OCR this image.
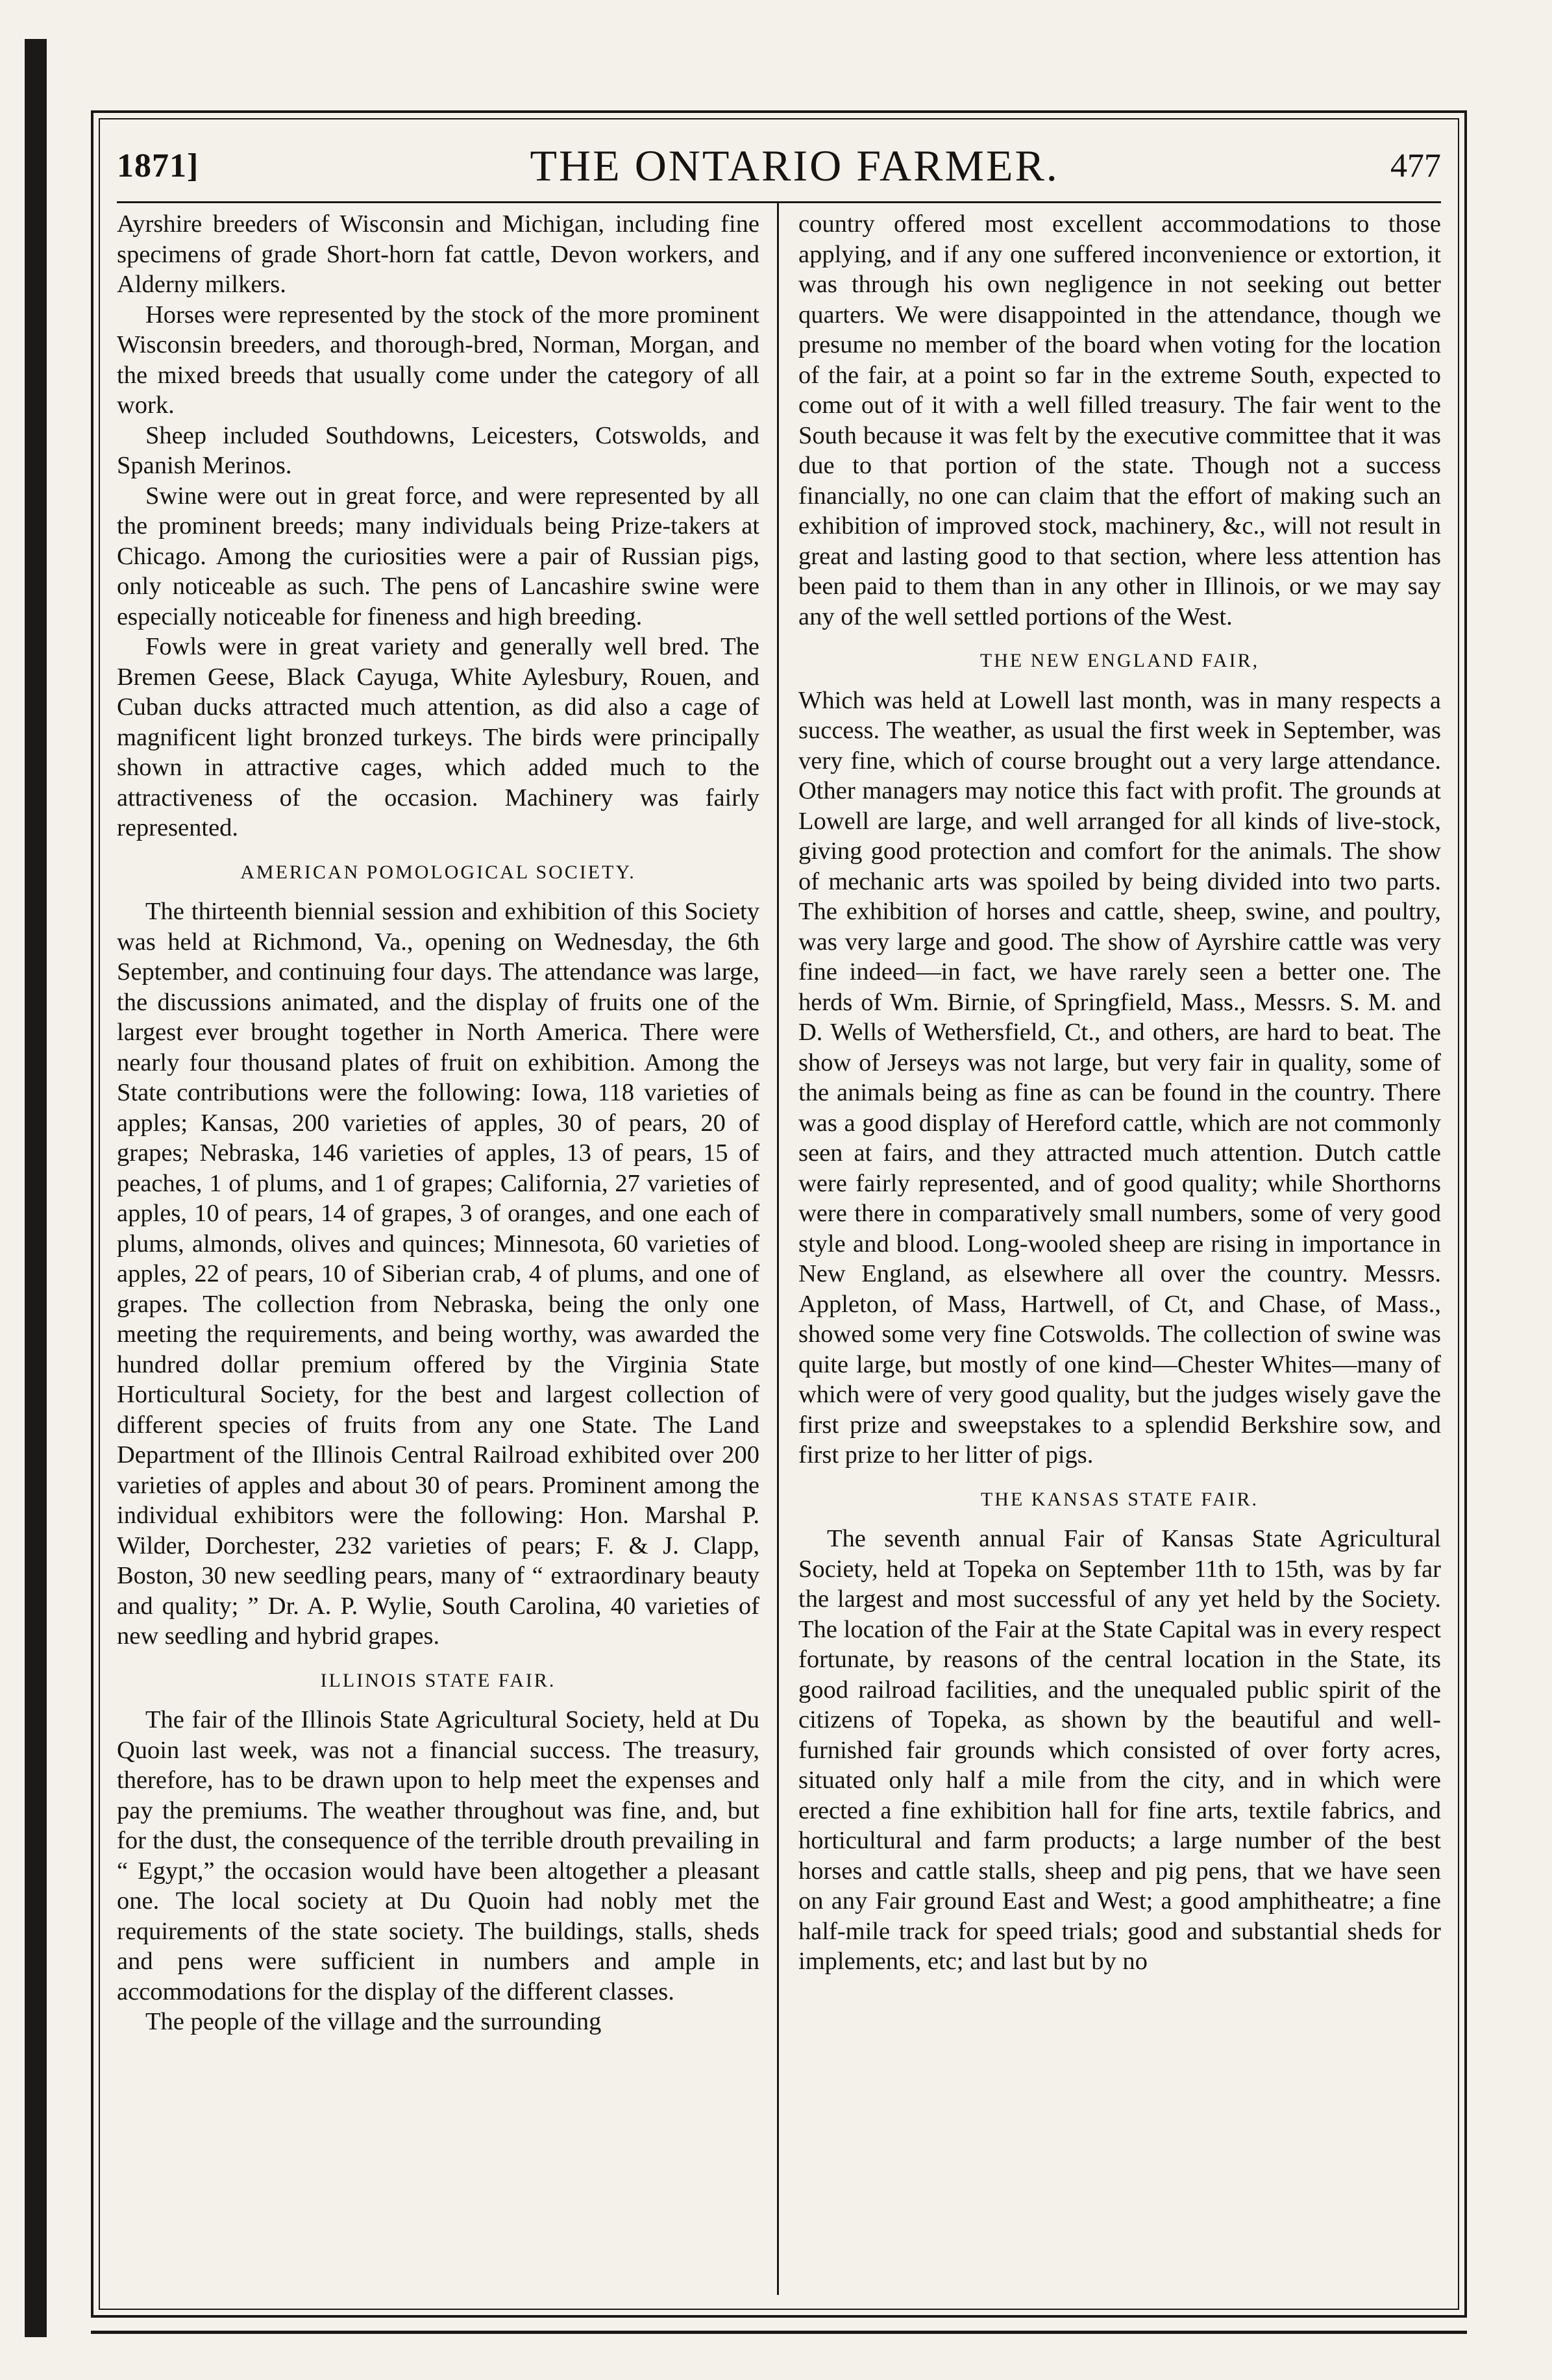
1871]	THE ONTARIO FARMER.	477

Ayrshire breeders of Wisconsin and Michigan, including fine specimens of grade Short-horn fat cattle, Devon workers, and Alderny milkers.

Horses were represented by the stock of the more prominent Wisconsin breeders, and thorough-bred, Norman, Morgan, and the mixed breeds that usually come under the category of all work.

Sheep included Southdowns, Leicesters, Cotswolds, and Spanish Merinos.

Swine were out in great force, and were represented by all the prominent breeds; many individuals being Prize-takers at Chicago. Among the curiosities were a pair of Russian pigs, only noticeable as such. The pens of Lancashire swine were especially noticeable for fineness and high breeding.

Fowls were in great variety and generally well bred. The Bremen Geese, Black Cayuga, White Aylesbury, Rouen, and Cuban ducks attracted much attention, as did also a cage of magnificent light bronzed turkeys. The birds were principally shown in attractive cages, which added much to the attractiveness of the occasion. Machinery was fairly represented.

AMERICAN POMOLOGICAL SOCIETY.

The thirteenth biennial session and exhibition of this Society was held at Richmond, Va., opening on Wednesday, the 6th September, and continuing four days. The attendance was large, the discussions animated, and the display of fruits one of the largest ever brought together in North America. There were nearly four thousand plates of fruit on exhibition. Among the State contributions were the following: Iowa, 118 varieties of apples; Kansas, 200 varieties of apples, 30 of pears, 20 of grapes; Nebraska, 146 varieties of apples, 13 of pears, 15 of peaches, 1 of plums, and 1 of grapes; California, 27 varieties of apples, 10 of pears, 14 of grapes, 3 of oranges, and one each of plums, almonds, olives and quinces; Minnesota, 60 varieties of apples, 22 of pears, 10 of Siberian crab, 4 of plums, and one of grapes. The collection from Nebraska, being the only one meeting the requirements, and being worthy, was awarded the hundred dollar premium offered by the Virginia State Horticultural Society, for the best and largest collection of different species of fruits from any one State. The Land Department of the Illinois Central Railroad exhibited over 200 varieties of apples and about 30 of pears. Prominent among the individual exhibitors were the following: Hon. Marshal P. Wilder, Dorchester, 232 varieties of pears; F. & J. Clapp, Boston, 30 new seedling pears, many of “ extraordinary beauty and quality; ” Dr. A. P. Wylie, South Carolina, 40 varieties of new seedling and hybrid grapes.

ILLINOIS STATE FAIR.

The fair of the Illinois State Agricultural Society, held at Du Quoin last week, was not a financial success. The treasury, therefore, has to be drawn upon to help meet the expenses and pay the premiums. The weather throughout was fine, and, but for the dust, the consequence of the terrible drouth prevailing in “ Egypt,” the occasion would have been altogether a pleasant one. The local society at Du Quoin had nobly met the requirements of the state society. The buildings, stalls, sheds and pens were sufficient in numbers and ample in accommodations for the display of the different classes.

The people of the village and the surrounding

country offered most excellent accommodations to those applying, and if any one suffered inconvenience or extortion, it was through his own negligence in not seeking out better quarters. We were disappointed in the attendance, though we presume no member of the board when voting for the location of the fair, at a point so far in the extreme South, expected to come out of it with a well filled treasury. The fair went to the South because it was felt by the executive committee that it was due to that portion of the state. Though not a success financially, no one can claim that the effort of making such an exhibition of improved stock, machinery, &c., will not result in great and lasting good to that section, where less attention has been paid to them than in any other in Illinois, or we may say any of the well settled portions of the West.

THE NEW ENGLAND FAIR,

Which was held at Lowell last month, was in many respects a success. The weather, as usual the first week in September, was very fine, which of course brought out a very large attendance. Other managers may notice this fact with profit. The grounds at Lowell are large, and well arranged for all kinds of live-stock, giving good protection and comfort for the animals. The show of mechanic arts was spoiled by being divided into two parts. The exhibition of horses and cattle, sheep, swine, and poultry, was very large and good. The show of Ayrshire cattle was very fine indeed—in fact, we have rarely seen a better one. The herds of Wm. Birnie, of Springfield, Mass., Messrs. S. M. and D. Wells of Wethersfield, Ct., and others, are hard to beat. The show of Jerseys was not large, but very fair in quality, some of the animals being as fine as can be found in the country. There was a good display of Hereford cattle, which are not commonly seen at fairs, and they attracted much attention. Dutch cattle were fairly represented, and of good quality; while Shorthorns were there in comparatively small numbers, some of very good style and blood. Long-wooled sheep are rising in importance in New England, as elsewhere all over the country. Messrs. Appleton, of Mass, Hartwell, of Ct, and Chase, of Mass., showed some very fine Cotswolds. The collection of swine was quite large, but mostly of one kind—Chester Whites—many of which were of very good quality, but the judges wisely gave the first prize and sweepstakes to a splendid Berkshire sow, and first prize to her litter of pigs.

THE KANSAS STATE FAIR.

The seventh annual Fair of Kansas State Agricultural Society, held at Topeka on September 11th to 15th, was by far the largest and most successful of any yet held by the Society. The location of the Fair at the State Capital was in every respect fortunate, by reasons of the central location in the State, its good railroad facilities, and the unequaled public spirit of the citizens of Topeka, as shown by the beautiful and well-furnished fair grounds which consisted of over forty acres, situated only half a mile from the city, and in which were erected a fine exhibition hall for fine arts, textile fabrics, and horticultural and farm products; a large number of the best horses and cattle stalls, sheep and pig pens, that we have seen on any Fair ground East and West; a good amphitheatre; a fine half-mile track for speed trials; good and substantial sheds for implements, etc; and last but by no
